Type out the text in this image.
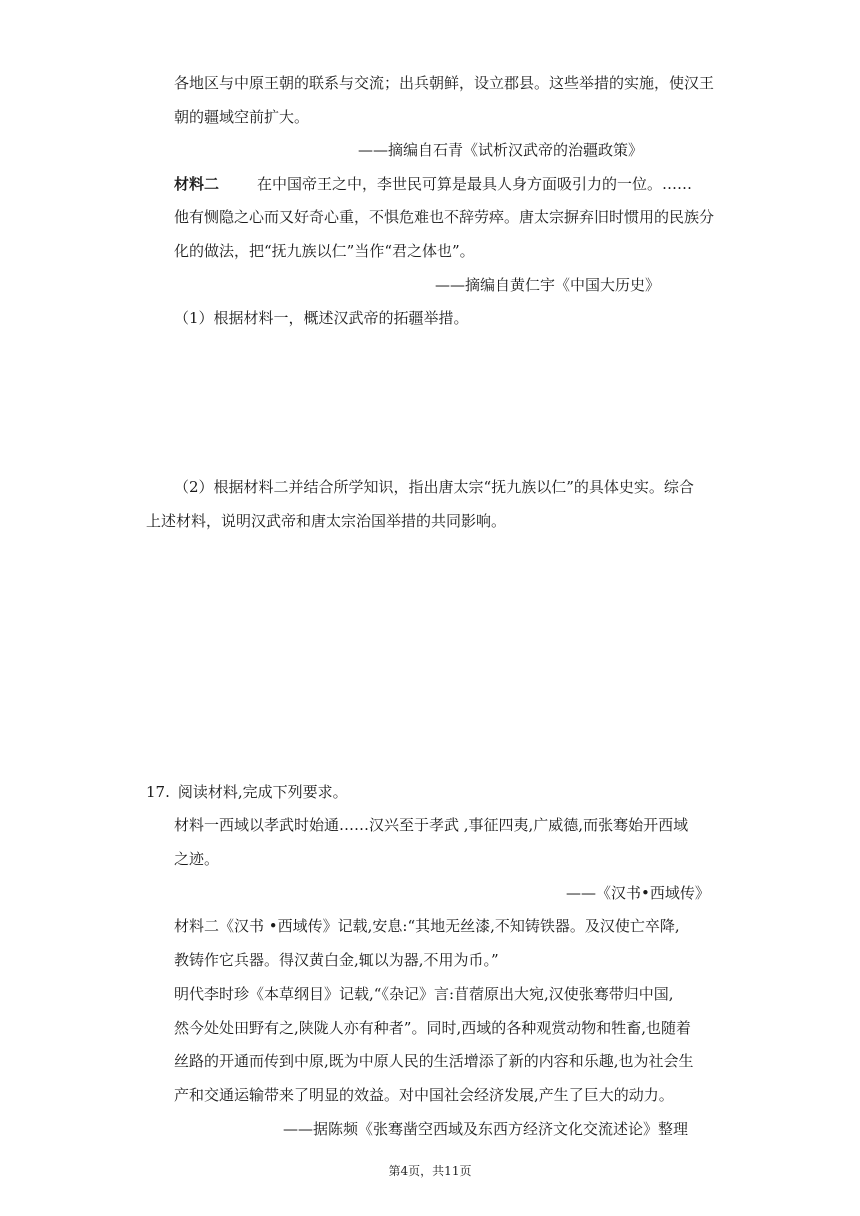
各地区与中原王朝的联系与交流；出兵朝鲜，设立郡县。这些举措的实施，使汉王
朝的疆域空前扩大。
——摘编自石青《试析汉武帝的治疆政策》
材料二	在中国帝王之中，李世民可算是最具人身方面吸引力的一位。……
他有恻隐之心而又好奇心重，不惧危难也不辞劳瘁。唐太宗摒弃旧时惯用的民族分
化的做法，把“抚九族以仁”当作“君之体也”。
——摘编自黄仁宇《中国大历史》
（1）根据材料一，概述汉武帝的拓疆举措。
（2）根据材料二并结合所学知识，指出唐太宗“抚九族以仁”的具体史实。综合
上述材料，说明汉武帝和唐太宗治国举措的共同影响。
17. 阅读材料,完成下列要求。
材料一西域以孝武时始通……汉兴至于孝武 ,事征四夷,广威德,而张骞始开西域
之迹。
——《汉书•西域传》
材料二《汉书 •西域传》记载,安息:“其地无丝漆,不知铸铁器。及汉使亡卒降,
教铸作它兵器。得汉黄白金,辄以为器,不用为币。”
明代李时珍《本草纲目》记载,“《杂记》言:苜蓿原出大宛,汉使张骞带归中国,
然今处处田野有之,陕陇人亦有种者”。同时,西域的各种观赏动物和牲畜,也随着
丝路的开通而传到中原,既为中原人民的生活增添了新的内容和乐趣,也为社会生
产和交通运输带来了明显的效益。对中国社会经济发展,产生了巨大的动力。
——据陈频《张骞凿空西域及东西方经济文化交流述论》整理
第4页，共11页
